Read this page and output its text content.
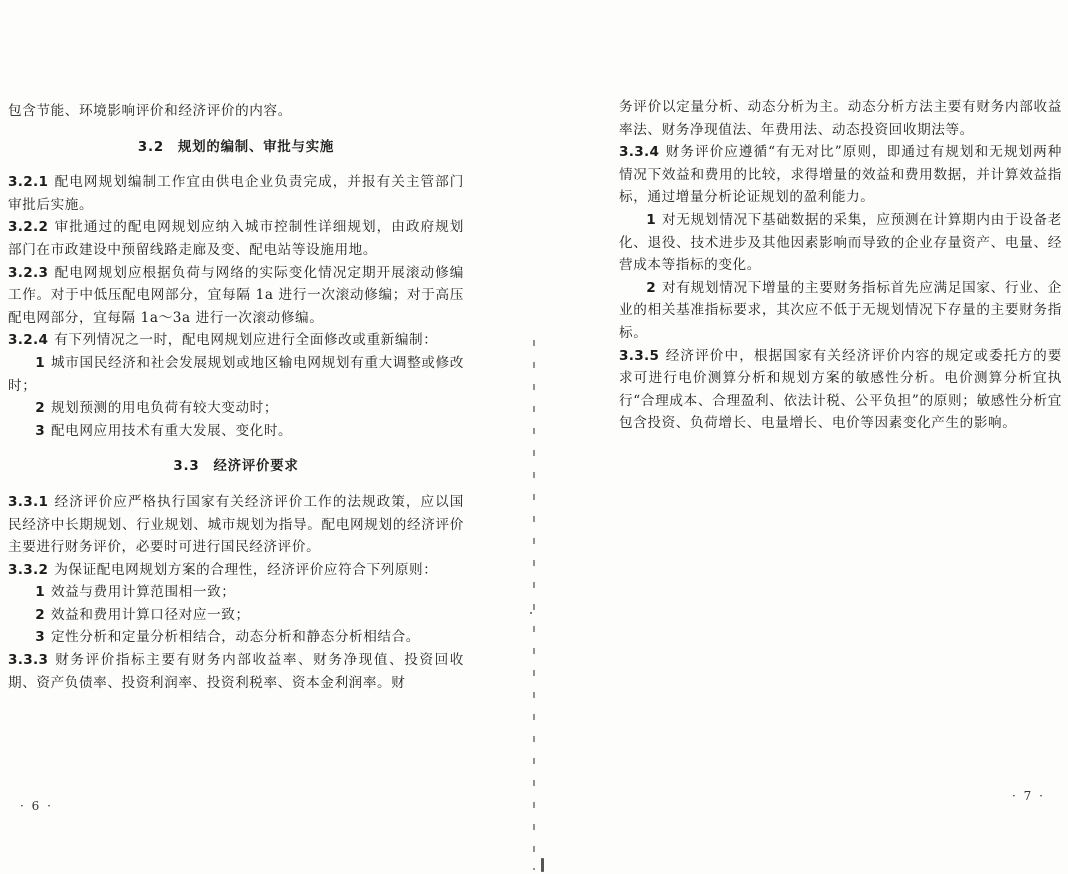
包含节能、环境影响评价和经济评价的内容。

3.2 规划的编制、审批与实施

3.2.1 配电网规划编制工作宜由供电企业负责完成，并报有关主管部门审批后实施。

3.2.2 审批通过的配电网规划应纳入城市控制性详细规划，由政府规划部门在市政建设中预留线路走廊及变、配电站等设施用地。

3.2.3 配电网规划应根据负荷与网络的实际变化情况定期开展滚动修编工作。对于中低压配电网部分，宜每隔 1a 进行一次滚动修编；对于高压配电网部分，宜每隔 1a～3a 进行一次滚动修编。

3.2.4 有下列情况之一时，配电网规划应进行全面修改或重新编制：

1 城市国民经济和社会发展规划或地区输电网规划有重大调整或修改时；

2 规划预测的用电负荷有较大变动时；

3 配电网应用技术有重大发展、变化时。

3.3 经济评价要求

3.3.1 经济评价应严格执行国家有关经济评价工作的法规政策，应以国民经济中长期规划、行业规划、城市规划为指导。配电网规划的经济评价主要进行财务评价，必要时可进行国民经济评价。

3.3.2 为保证配电网规划方案的合理性，经济评价应符合下列原则：

1 效益与费用计算范围相一致；

2 效益和费用计算口径对应一致；

3 定性分析和定量分析相结合，动态分析和静态分析相结合。

3.3.3 财务评价指标主要有财务内部收益率、财务净现值、投资回收期、资产负债率、投资利润率、投资利税率、资本金利润率。财

· 6 ·

务评价以定量分析、动态分析为主。动态分析方法主要有财务内部收益率法、财务净现值法、年费用法、动态投资回收期法等。

3.3.4 财务评价应遵循“有无对比”原则，即通过有规划和无规划两种情况下效益和费用的比较，求得增量的效益和费用数据，并计算效益指标，通过增量分析论证规划的盈利能力。

1 对无规划情况下基础数据的采集，应预测在计算期内由于设备老化、退役、技术进步及其他因素影响而导致的企业存量资产、电量、经营成本等指标的变化。

2 对有规划情况下增量的主要财务指标首先应满足国家、行业、企业的相关基准指标要求，其次应不低于无规划情况下存量的主要财务指标。

3.3.5 经济评价中，根据国家有关经济评价内容的规定或委托方的要求可进行电价测算分析和规划方案的敏感性分析。电价测算分析宜执行“合理成本、合理盈利、依法计税、公平负担”的原则；敏感性分析宜包含投资、负荷增长、电量增长、电价等因素变化产生的影响。

· 7 ·
